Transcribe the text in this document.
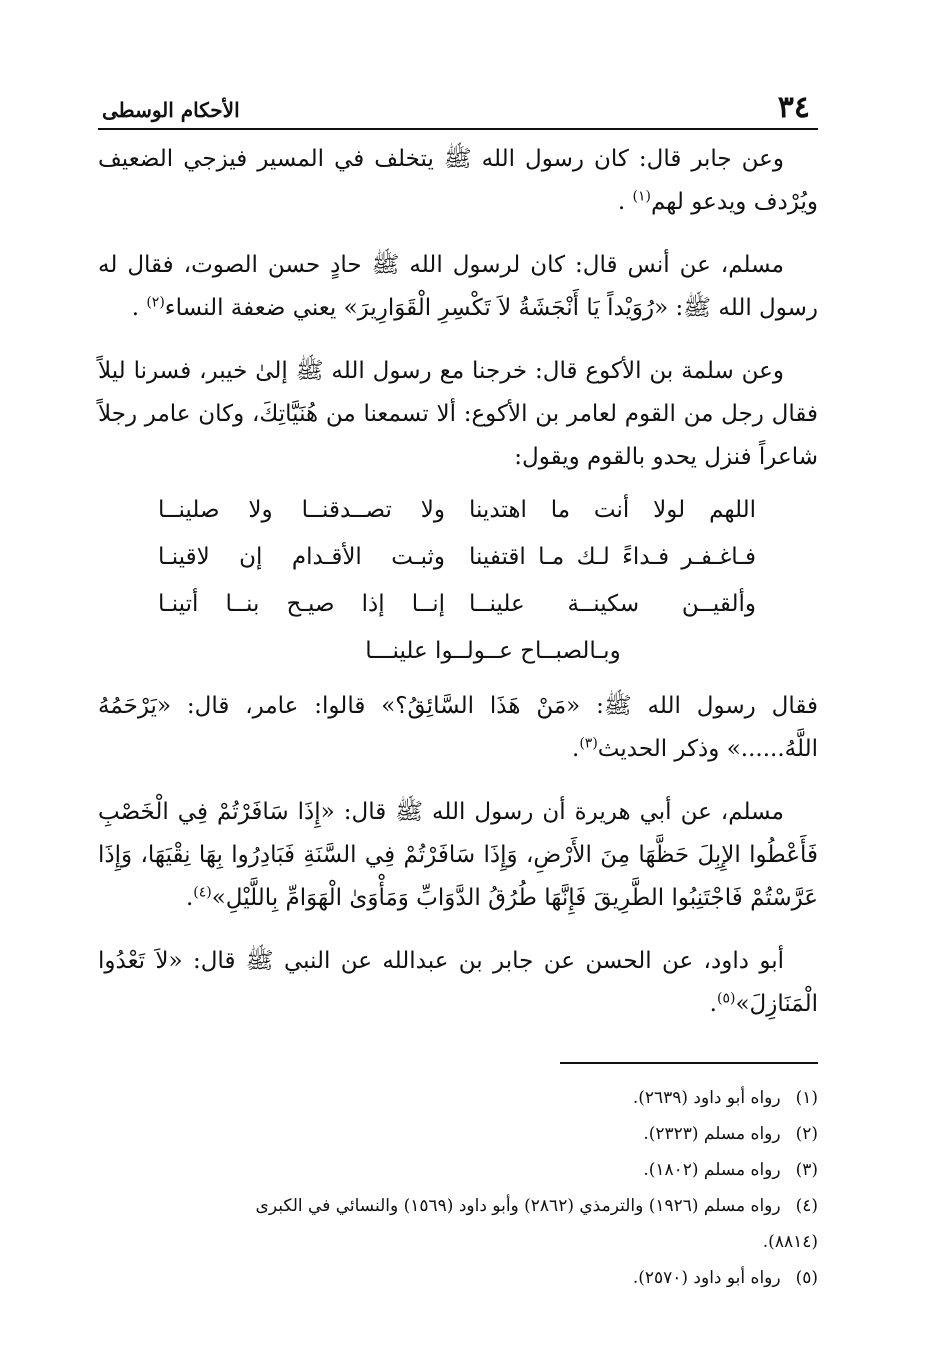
٣٤
الأحكام الوسطى

وعن جابر قال: كان رسول الله ﷺ يتخلف في المسير فيزجي الضعيف ويُرْدف ويدعو لهم$^{(١)}$ .

مسلم، عن أنس قال: كان لرسول الله ﷺ حادٍ حسن الصوت، فقال له رسول الله ﷺ: «رُوَيْداً يَا أَنْجَشَةُ لاَ تَكْسِرِ الْقَوَارِيرَ» يعني ضعفة النساء$^{(٢)}$ .

وعن سلمة بن الأكوع قال: خرجنا مع رسول الله ﷺ إلىٰ خيبر، فسرنا ليلاً فقال رجل من القوم لعامر بن الأكوع: ألا تسمعنا من هُنَيَّاتِكَ، وكان عامر رجلاً شاعراً فنزل يحدو بالقوم ويقول:

اللهم لولا أنت ما اهتدينا
ولا تصــدقنــا ولا صلينــا
فـاغـفـر فـداءً لـك مـا اقتفينا
وثبـت الأقـدام إن لاقينـا
وألقيــن سكينــة علينــا
إنــا إذا صيـح بنــا أتينـا
وبـالصبــاح عــولــوا علينـــا

فقال رسول الله ﷺ: «مَنْ هَذَا السَّائِقُ؟» قالوا: عامر، قال: «يَرْحَمُهُ اللَّهُ......» وذكر الحديث$^{(٣)}$.

مسلم، عن أبي هريرة أن رسول الله ﷺ قال: «إِذَا سَافَرْتُمْ فِي الْخَصْبِ فَأَعْطُوا الإِبِلَ حَظَّهَا مِنَ الأَرْضِ، وَإِذَا سَافَرْتُمْ فِي السَّنَةِ فَبَادِرُوا بِهَا نِقْيَهَا، وَإِذَا عَرَّسْتُمْ فَاجْتَنِبُوا الطَّرِيقَ فَإِنَّهَا طُرُقُ الدَّوَابِّ وَمَأْوَىٰ الْهَوَامِّ بِاللَّيْلِ»$^{(٤)}$.

أبو داود، عن الحسن عن جابر بن عبدالله عن النبي ﷺ قال: «لاَ تَعْدُوا الْمَنَازِلَ»$^{(٥)}$.

(١) رواه أبو داود (٢٦٣٩).

(٢) رواه مسلم (٢٣٢٣).

(٣) رواه مسلم (١٨٠٢).

(٤) رواه مسلم (١٩٢٦) والترمذي (٢٨٦٢) وأبو داود (١٥٦٩) والنسائي في الكبرى

(٨٨١٤).

(٥) رواه أبو داود (٢٥٧٠).
